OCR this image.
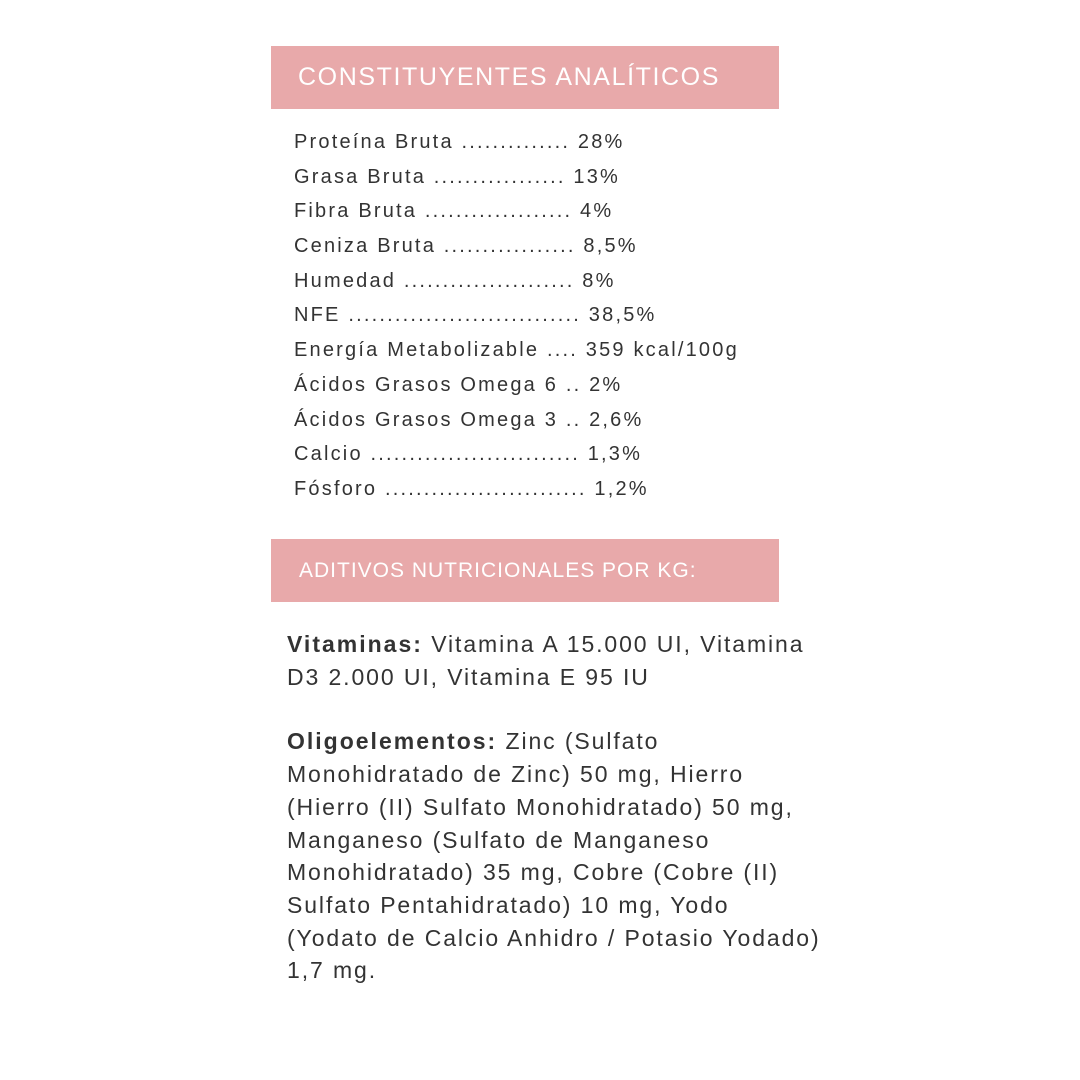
CONSTITUYENTES ANALÍTICOS
Proteína Bruta .............. 28%
Grasa Bruta ................. 13%
Fibra Bruta ................... 4%
Ceniza Bruta ................. 8,5%
Humedad ...................... 8%
NFE .............................. 38,5%
Energía Metabolizable .... 359 kcal/100g
Ácidos Grasos Omega 6 .. 2%
Ácidos Grasos Omega 3 .. 2,6%
Calcio ........................... 1,3%
Fósforo .......................... 1,2%
ADITIVOS NUTRICIONALES POR KG:

Vitaminas: Vitamina A 15.000 UI, Vitamina D3 2.000 UI, Vitamina E 95 IU

Oligoelementos: Zinc (Sulfato Monohidratado de Zinc) 50 mg, Hierro (Hierro (II) Sulfato Monohidratado) 50 mg, Manganeso (Sulfato de Manganeso Monohidratado) 35 mg, Cobre (Cobre (II) Sulfato Pentahidratado) 10 mg, Yodo (Yodato de Calcio Anhidro / Potasio Yodado) 1,7 mg.
